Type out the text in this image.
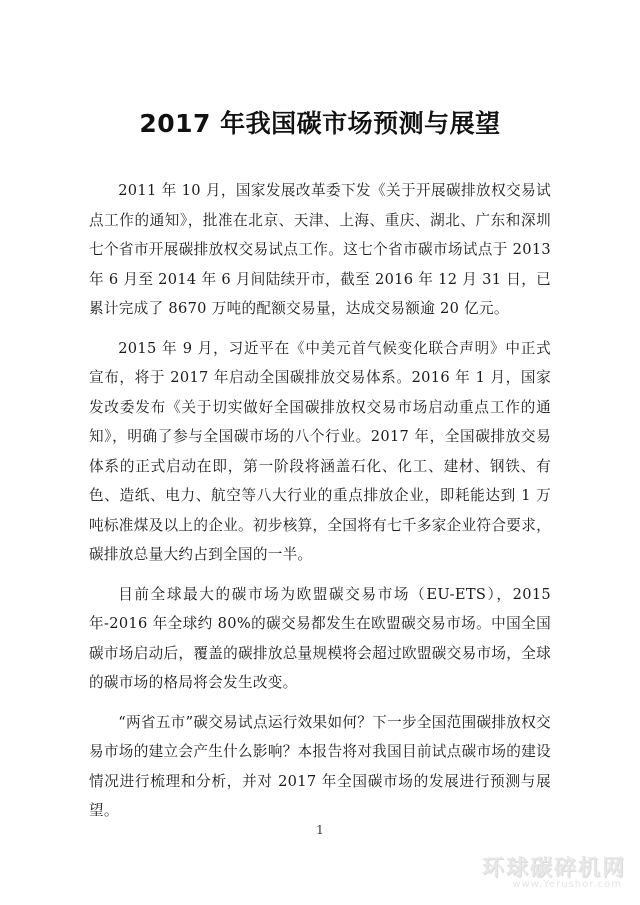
2017 年我国碳市场预测与展望

2011 年 10 月，国家发展改革委下发《关于开展碳排放权交易试点工作的通知》，批准在北京、天津、上海、重庆、湖北、广东和深圳七个省市开展碳排放权交易试点工作。这七个省市碳市场试点于 2013 年 6 月至 2014 年 6 月间陆续开市，截至 2016 年 12 月 31 日，已累计完成了 8670 万吨的配额交易量，达成交易额逾 20 亿元。

2015 年 9 月，习近平在《中美元首气候变化联合声明》中正式宣布，将于 2017 年启动全国碳排放交易体系。2016 年 1 月，国家发改委发布《关于切实做好全国碳排放权交易市场启动重点工作的通知》，明确了参与全国碳市场的八个行业。2017 年，全国碳排放交易体系的正式启动在即，第一阶段将涵盖石化、化工、建材、钢铁、有色、造纸、电力、航空等八大行业的重点排放企业，即耗能达到 1 万吨标准煤及以上的企业。初步核算，全国将有七千多家企业符合要求，碳排放总量大约占到全国的一半。

目前全球最大的碳市场为欧盟碳交易市场（EU-ETS），2015 年-2016 年全球约 80%的碳交易都发生在欧盟碳交易市场。中国全国碳市场启动后，覆盖的碳排放总量规模将会超过欧盟碳交易市场，全球的碳市场的格局将会发生改变。

“两省五市”碳交易试点运行效果如何？下一步全国范围碳排放权交易市场的建立会产生什么影响？本报告将对我国目前试点碳市场的建设情况进行梳理和分析，并对 2017 年全国碳市场的发展进行预测与展望。

1
环球碳碎机网
www.Yerushor.com
